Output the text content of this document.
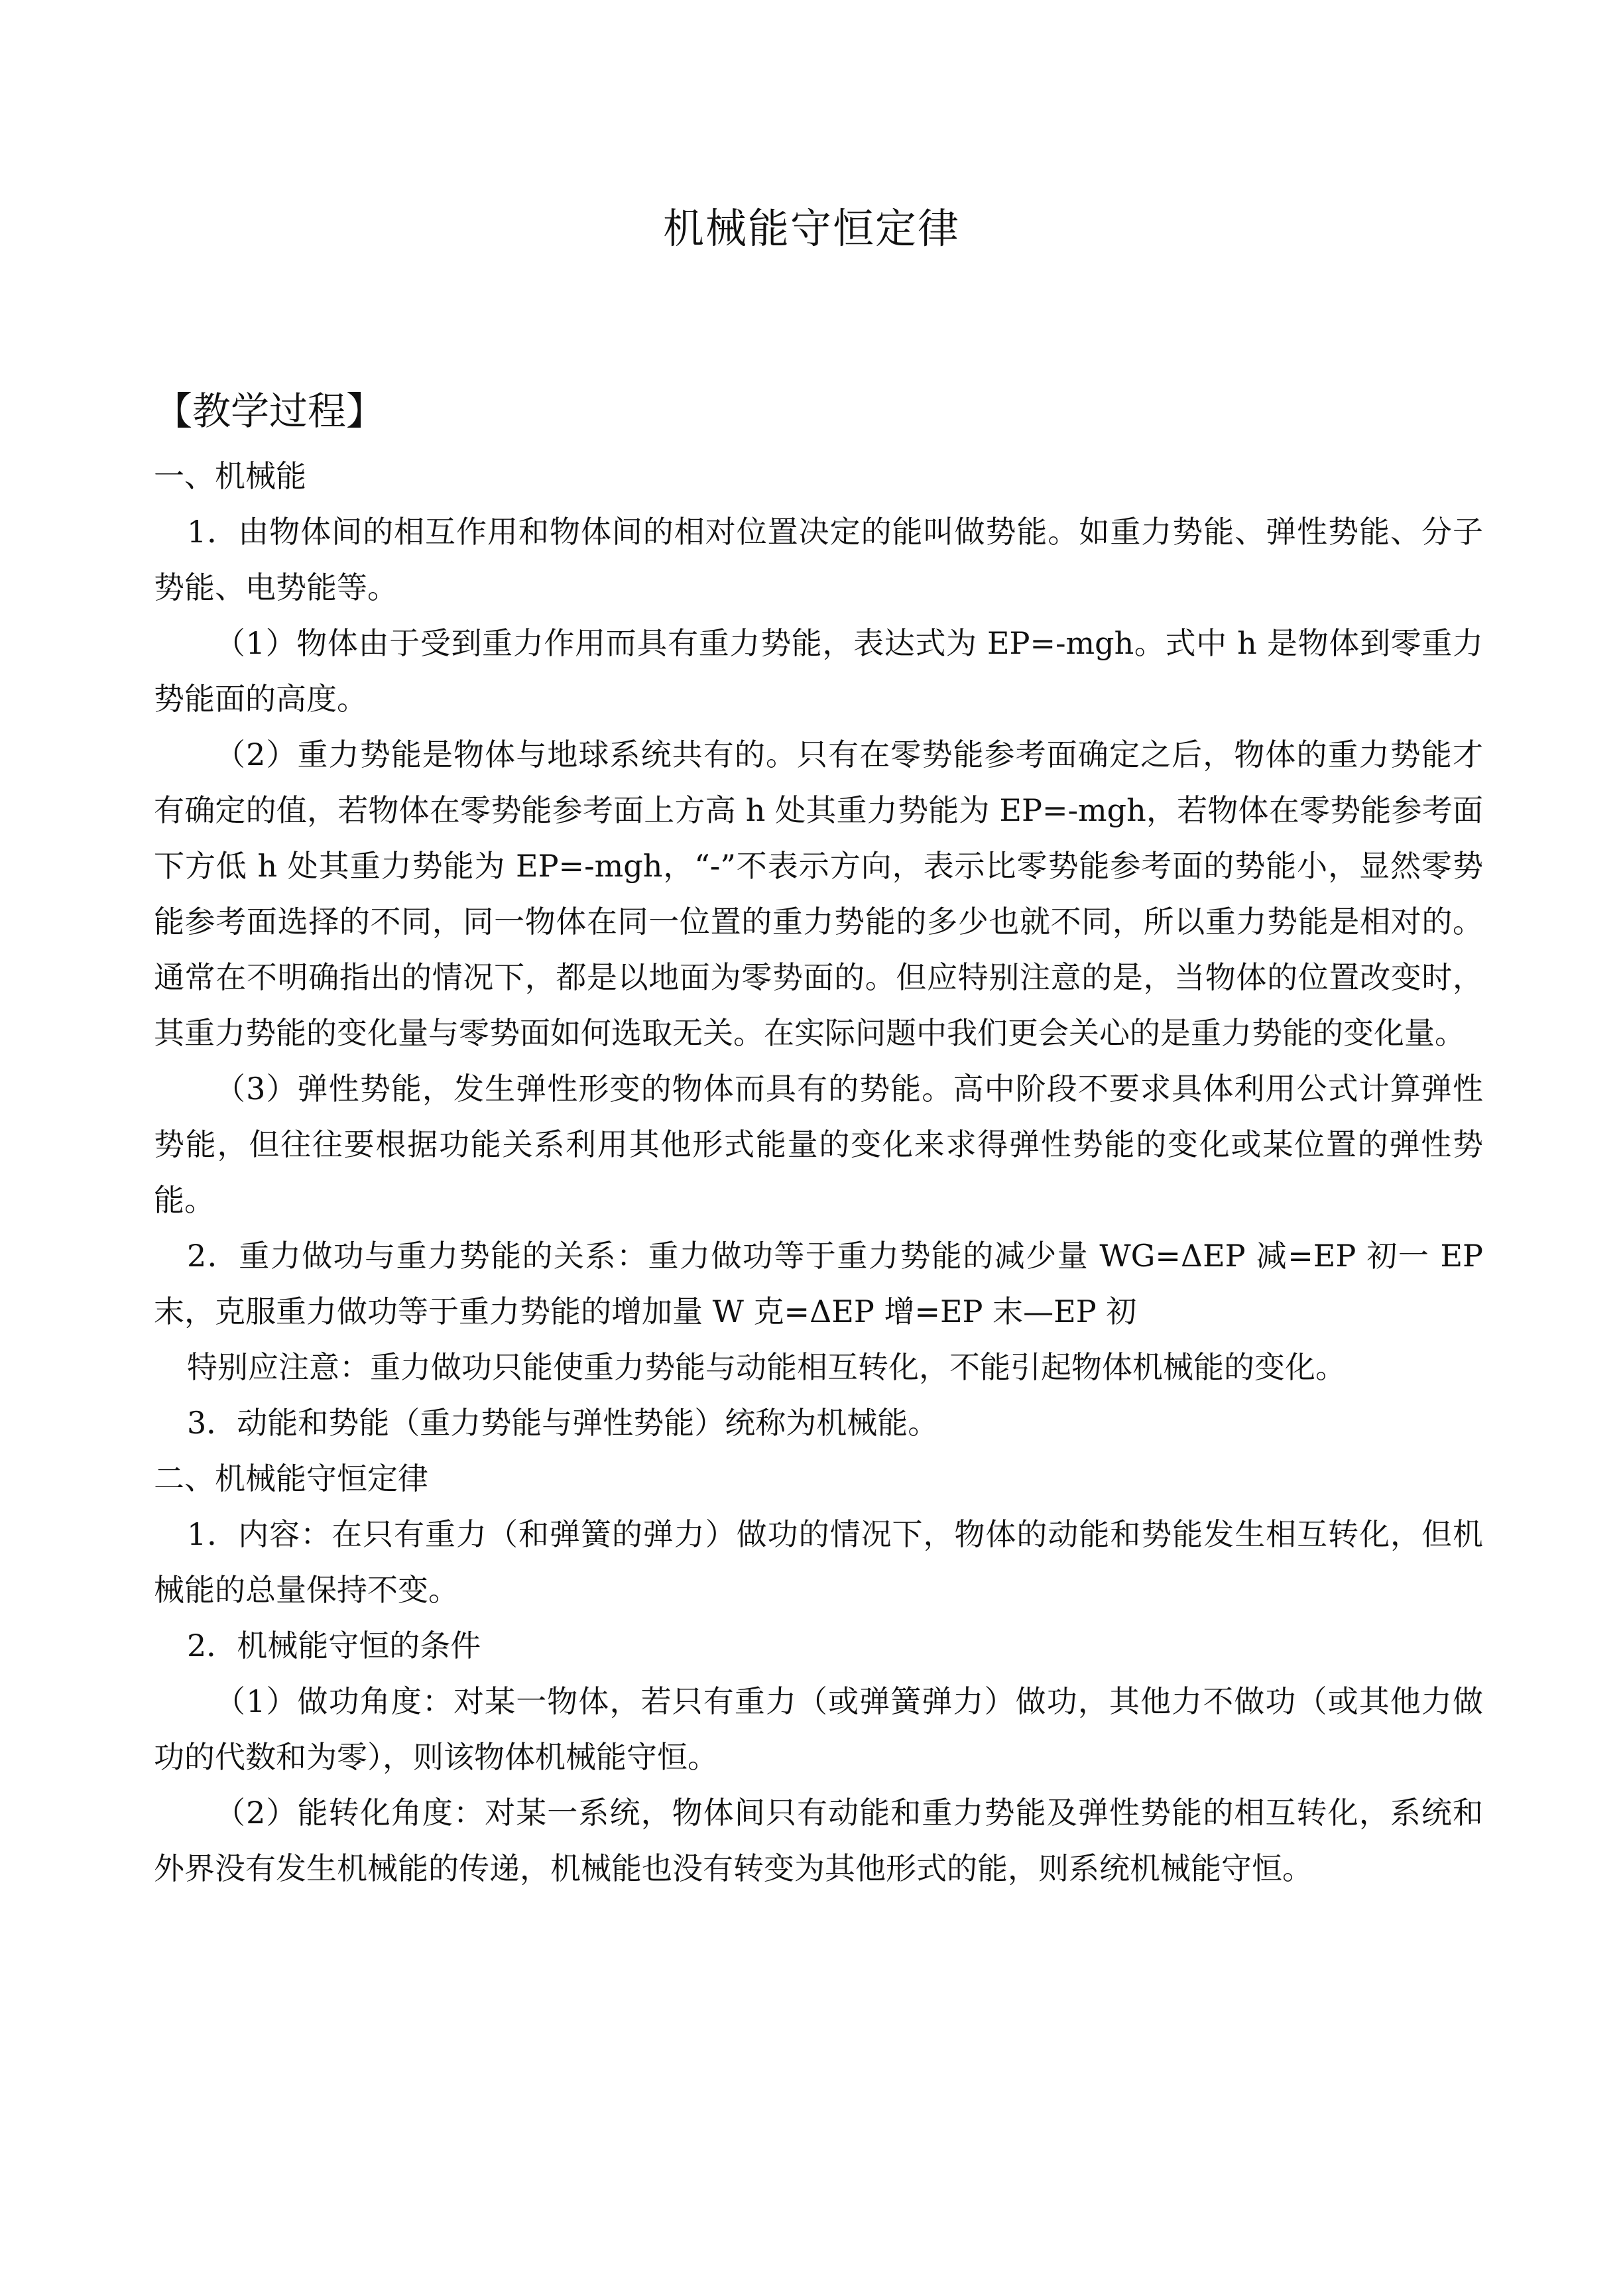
机械能守恒定律
【教学过程】

一、机械能

1．由物体间的相互作用和物体间的相对位置决定的能叫做势能。如重力势能、弹性势能、分子势能、电势能等。

（1）物体由于受到重力作用而具有重力势能，表达式为 EP=-mgh。式中 h 是物体到零重力势能面的高度。

（2）重力势能是物体与地球系统共有的。只有在零势能参考面确定之后，物体的重力势能才有确定的值，若物体在零势能参考面上方高 h 处其重力势能为 EP=-mgh，若物体在零势能参考面下方低 h 处其重力势能为 EP=-mgh，“-”不表示方向，表示比零势能参考面的势能小，显然零势能参考面选择的不同，同一物体在同一位置的重力势能的多少也就不同，所以重力势能是相对的。通常在不明确指出的情况下，都是以地面为零势面的。但应特别注意的是，当物体的位置改变时，其重力势能的变化量与零势面如何选取无关。在实际问题中我们更会关心的是重力势能的变化量。

（3）弹性势能，发生弹性形变的物体而具有的势能。高中阶段不要求具体利用公式计算弹性势能，但往往要根据功能关系利用其他形式能量的变化来求得弹性势能的变化或某位置的弹性势能。

2．重力做功与重力势能的关系：重力做功等于重力势能的减少量 WG=ΔEP 减=EP 初一 EP 末，克服重力做功等于重力势能的增加量 W 克=ΔEP 增=EP 末—EP 初

特别应注意：重力做功只能使重力势能与动能相互转化，不能引起物体机械能的变化。

3．动能和势能（重力势能与弹性势能）统称为机械能。

二、机械能守恒定律

1．内容：在只有重力（和弹簧的弹力）做功的情况下，物体的动能和势能发生相互转化，但机械能的总量保持不变。

2．机械能守恒的条件

（1）做功角度：对某一物体，若只有重力（或弹簧弹力）做功，其他力不做功（或其他力做功的代数和为零），则该物体机械能守恒。

（2）能转化角度：对某一系统，物体间只有动能和重力势能及弹性势能的相互转化，系统和外界没有发生机械能的传递，机械能也没有转变为其他形式的能，则系统机械能守恒。
